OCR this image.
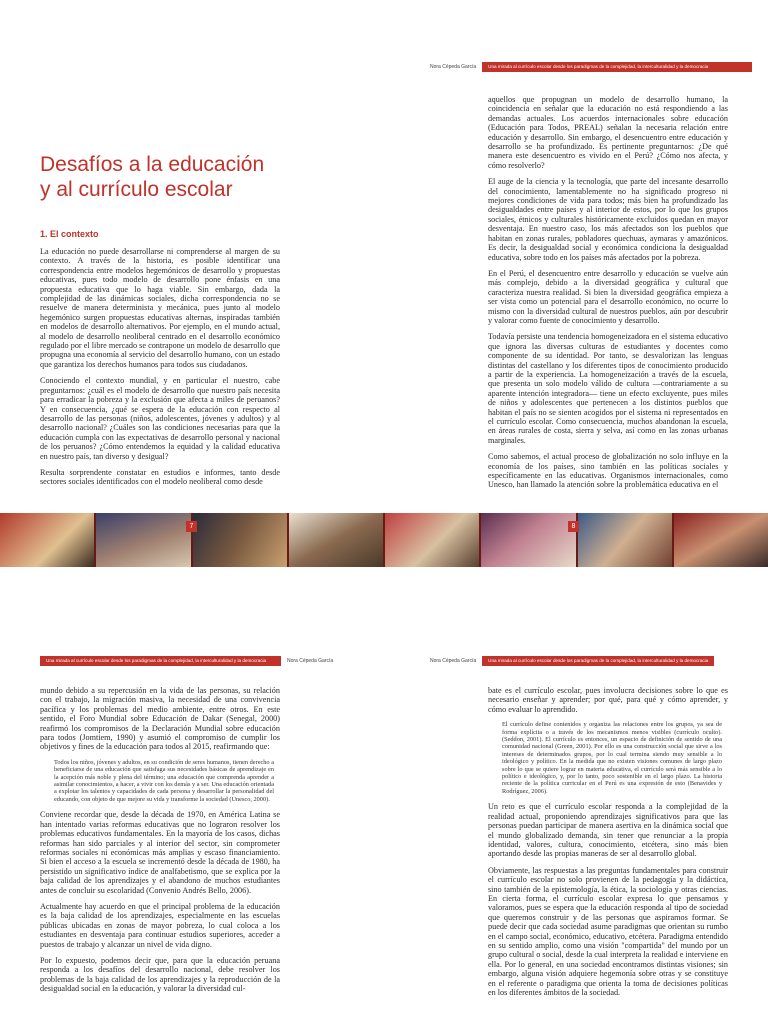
Nora Cépeda García	Una mirada al currículo escolar desde los paradigmas de la complejidad, la interculturalidad y la democracia
Desafíos a la educación
y al currículo escolar
1. El contexto

La educación no puede desarrollarse ni comprenderse al margen de su contexto. A través de la historia, es posible identificar una correspondencia entre modelos hegemónicos de desarrollo y propuestas educativas, pues todo modelo de desarrollo pone énfasis en una propuesta educativa que lo haga viable. Sin embargo, dada la complejidad de las dinámicas sociales, dicha correspondencia no se resuelve de manera determinista y mecánica, pues junto al modelo hegemónico surgen propuestas educativas alternas, inspiradas también en modelos de desarrollo alternativos. Por ejemplo, en el mundo actual, al modelo de desarrollo neoliberal centrado en el desarrollo económico regulado por el libre mercado se contrapone un modelo de desarrollo que propugna una economía al servicio del desarrollo humano, con un estado que garantiza los derechos humanos para todos sus ciudadanos.

Conociendo el contexto mundial, y en particular el nuestro, cabe preguntarnos: ¿cuál es el modelo de desarrollo que nuestro país necesita para erradicar la pobreza y la exclusión que afecta a miles de peruanos? Y en consecuencia, ¿qué se espera de la educación con respecto al desarrollo de las personas (niños, adolescentes, jóvenes y adultos) y al desarrollo nacional? ¿Cuáles son las condiciones necesarias para que la educación cumpla con las expectativas de desarrollo personal y nacional de los peruanos? ¿Cómo entendemos la equidad y la calidad educativa en nuestro país, tan diverso y desigual?

Resulta sorprendente constatar en estudios e informes, tanto desde sectores sociales identificados con el modelo neoliberal como desde

aquellos que propugnan un modelo de desarrollo humano, la coincidencia en señalar que la educación no está respondiendo a las demandas actuales. Los acuerdos internacionales sobre educación (Educación para Todos, PREAL) señalan la necesaria relación entre educación y desarrollo. Sin embargo, el desencuentro entre educación y desarrollo se ha profundizado. Es pertinente preguntarnos: ¿De qué manera este desencuentro es vivido en el Perú? ¿Cómo nos afecta, y cómo resolverlo?

El auge de la ciencia y la tecnología, que parte del incesante desarrollo del conocimiento, lamentablemente no ha significado progreso ni mejores condiciones de vida para todos; más bien ha profundizado las desigualdades entre países y al interior de estos, por lo que los grupos sociales, étnicos y culturales históricamente excluidos quedan en mayor desventaja. En nuestro caso, los más afectados son los pueblos que habitan en zonas rurales, pobladores quechuas, aymaras y amazónicos. Es decir, la desigualdad social y económica condiciona la desigualdad educativa, sobre todo en los países más afectados por la pobreza.

En el Perú, el desencuentro entre desarrollo y educación se vuelve aún más complejo, debido a la diversidad geográfica y cultural que caracteriza nuestra realidad. Si bien la diversidad geográfica empieza a ser vista como un potencial para el desarrollo económico, no ocurre lo mismo con la diversidad cultural de nuestros pueblos, aún por descubrir y valorar como fuente de conocimiento y desarrollo.

Todavía persiste una tendencia homogeneizadora en el sistema educativo que ignora las diversas culturas de estudiantes y docentes como componente de su identidad. Por tanto, se desvalorizan las lenguas distintas del castellano y los diferentes tipos de conocimiento producido a partir de la experiencia. La homogeneización a través de la escuela, que presenta un solo modelo válido de cultura —contrariamente a su aparente intención integradora— tiene un efecto excluyente, pues miles de niños y adolescentes que pertenecen a los distintos pueblos que habitan el país no se sienten acogidos por el sistema ni representados en el currículo escolar. Como consecuencia, muchos abandonan la escuela, en áreas rurales de costa, sierra y selva, así como en las zonas urbanas marginales.

Como sabemos, el actual proceso de globalización no solo influye en la economía de los países, sino también en las políticas sociales y específicamente en las educativas. Organismos internacionales, como Unesco, han llamado la atención sobre la problemática educativa en el

7	8
Una mirada al currículo escolar desde los paradigmas de la complejidad, la interculturalidad y la democracia	Nora Cépeda García	Nora Cépeda García	Una mirada al currículo escolar desde los paradigmas de la complejidad, la interculturalidad y la democracia

mundo debido a su repercusión en la vida de las personas, su relación con el trabajo, la migración masiva, la necesidad de una convivencia pacífica y los problemas del medio ambiente, entre otros. En este sentido, el Foro Mundial sobre Educación de Dakar (Senegal, 2000) reafirmó los compromisos de la Declaración Mundial sobre educación para todos (Jomtiem, 1990) y asumió el compromiso de cumplir los objetivos y fines de la educación para todos al 2015, reafirmando que:

Todos los niños, jóvenes y adultos, en su condición de seres humanos, tienen derecho a beneficiarse de una educación que satisfaga sus necesidades básicas de aprendizaje en la acepción más noble y plena del término; una educación que comprenda aprender a asimilar conocimientos, a hacer, a vivir con los demás y a ser. Una educación orientada a explotar los talentos y capacidades de cada persona y desarrollar la personalidad del educando, con objeto de que mejore su vida y transforme la sociedad (Unesco, 2000).

Conviene recordar que, desde la década de 1970, en América Latina se han intentado varias reformas educativas que no lograron resolver los problemas educativos fundamentales. En la mayoría de los casos, dichas reformas han sido parciales y al interior del sector, sin comprometer reformas sociales ni económicas más amplias y escaso financiamiento. Si bien el acceso a la escuela se incrementó desde la década de 1980, ha persistido un significativo índice de analfabetismo, que se explica por la baja calidad de los aprendizajes y el abandono de muchos estudiantes antes de concluir su escolaridad (Convenio Andrés Bello, 2006).

Actualmente hay acuerdo en que el principal problema de la educación es la baja calidad de los aprendizajes, especialmente en las escuelas públicas ubicadas en zonas de mayor pobreza, lo cual coloca a los estudiantes en desventaja para continuar estudios superiores, acceder a puestos de trabajo y alcanzar un nivel de vida digno.

Por lo expuesto, podemos decir que, para que la educación peruana responda a los desafíos del desarrollo nacional, debe resolver los problemas de la baja calidad de los aprendizajes y la reproducción de la desigualdad social en la educación, y valorar la diversidad cul-

bate es el currículo escolar, pues involucra decisiones sobre lo que es necesario enseñar y aprender; por qué, para qué y cómo aprender, y cómo evaluar lo aprendido.

El currículo define contenidos y organiza las relaciones entre los grupos, ya sea de forma explícita o a través de los mecanismos menos visibles (currículo oculto). (Seddon, 2001). El currículo es entonces, un espacio de definición de sentido de una comunidad nacional (Green, 2001). Por ello es una construcción social que sirve a los intereses de determinados grupos, por lo cual termina siendo muy sensible a lo ideológico y político. En la medida que no existen visiones comunes de largo plazo sobre lo que se quiere lograr en materia educativa, el currículo será más sensible a lo político e ideológico, y, por lo tanto, poco sostenible en el largo plazo. La historia reciente de la política curricular en el Perú es una expresión de esto (Benavides y Rodríguez, 2006).

Un reto es que el currículo escolar responda a la complejidad de la realidad actual, proponiendo aprendizajes significativos para que las personas puedan participar de manera asertiva en la dinámica social que el mundo globalizado demanda, sin tener que renunciar a la propia identidad, valores, cultura, conocimiento, etcétera, sino más bien aportando desde las propias maneras de ser al desarrollo global.

Obviamente, las respuestas a las preguntas fundamentales para construir el currículo escolar no solo provienen de la pedagogía y la didáctica, sino también de la epistemología, la ética, la sociología y otras ciencias. En cierta forma, el currículo escolar expresa lo que pensamos y valoramos, pues se espera que la educación responda al tipo de sociedad que queremos construir y de las personas que aspiramos formar. Se puede decir que cada sociedad asume paradigmas que orientan su rumbo en el campo social, económico, educativo, etcétera. Paradigma entendido en su sentido amplio, como una visión "compartida" del mundo por un grupo cultural o social, desde la cual interpreta la realidad e interviene en ella. Por lo general, en una sociedad encontramos distintas visiones; sin embargo, alguna visión adquiere hegemonía sobre otras y se constituye en el referente o paradigma que orienta la toma de decisiones políticas en los diferentes ámbitos de la sociedad.
